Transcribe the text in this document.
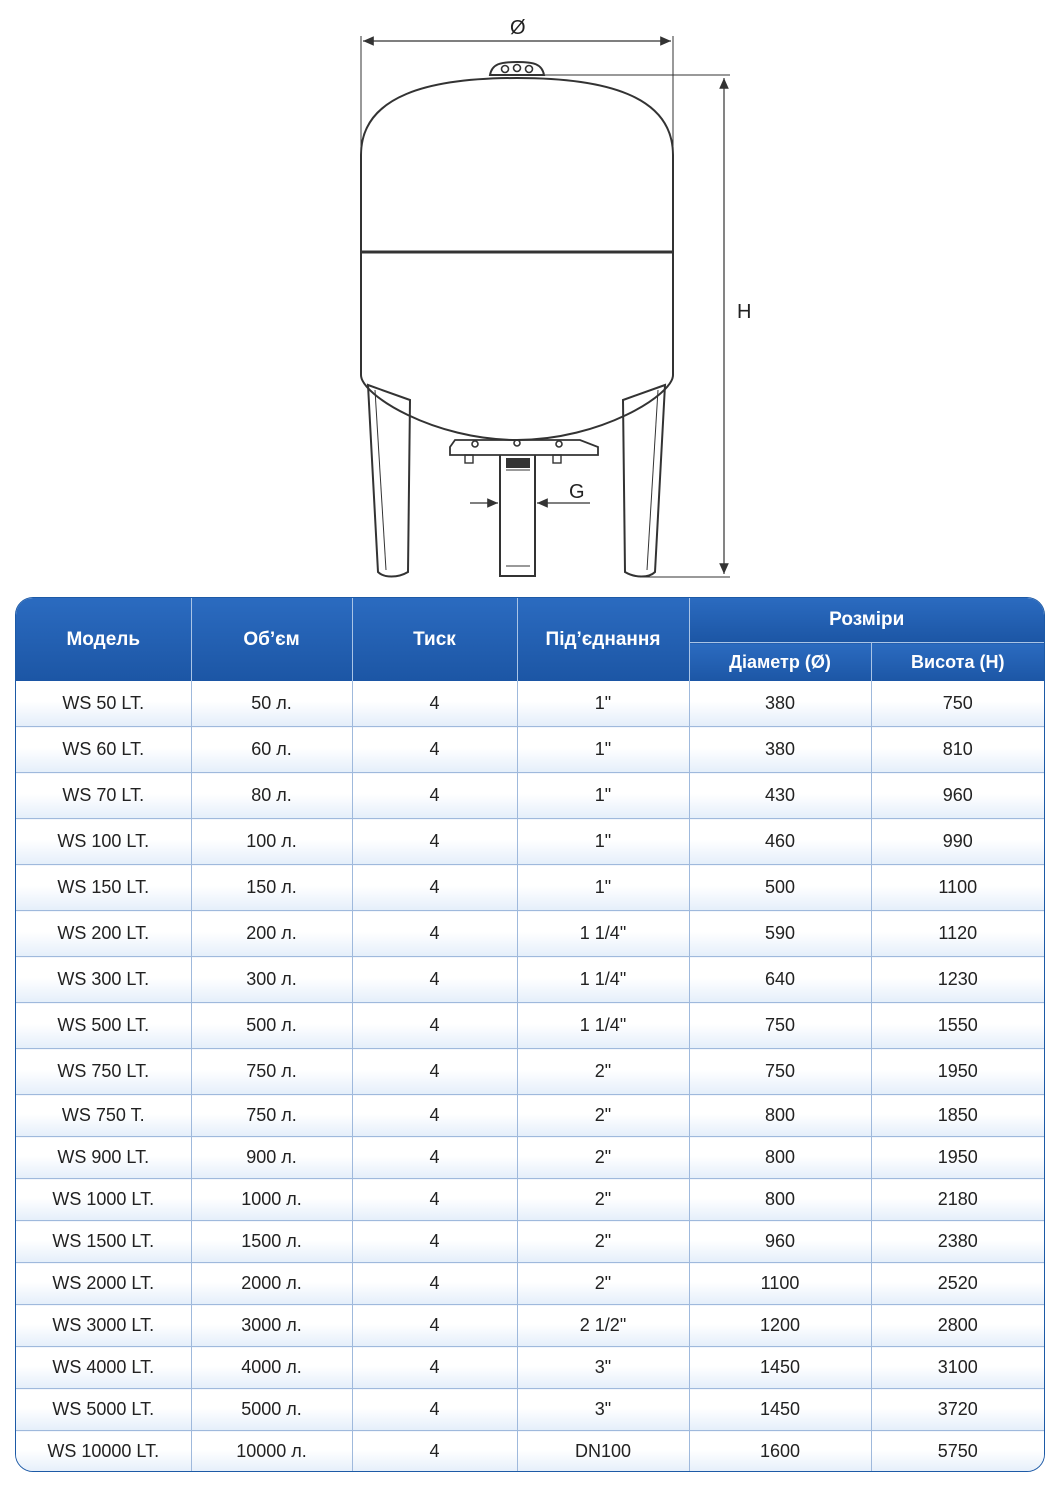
Ø
H
G
Модель	Об’єм	Тиск	Під’єднання	Розміри	
				Діаметр (Ø)	Висота (H)
WS 50 LT.	50 л.	4	1"	380	750
WS 60 LT.	60 л.	4	1"	380	810
WS 70 LT.	80 л.	4	1"	430	960
WS 100 LT.	100 л.	4	1"	460	990
WS 150 LT.	150 л.	4	1"	500	1100
WS 200 LT.	200 л.	4	1 1/4"	590	1120
WS 300 LT.	300 л.	4	1 1/4"	640	1230
WS 500 LT.	500 л.	4	1 1/4"	750	1550
WS 750 LT.	750 л.	4	2"	750	1950
WS 750 T.	750 л.	4	2"	800	1850
WS 900 LT.	900 л.	4	2"	800	1950
WS 1000 LT.	1000 л.	4	2"	800	2180
WS 1500 LT.	1500 л.	4	2"	960	2380
WS 2000 LT.	2000 л.	4	2"	1100	2520
WS 3000 LT.	3000 л.	4	2 1/2"	1200	2800
WS 4000 LT.	4000 л.	4	3"	1450	3100
WS 5000 LT.	5000 л.	4	3"	1450	3720
WS 10000 LT.	10000 л.	4	DN100	1600	5750
